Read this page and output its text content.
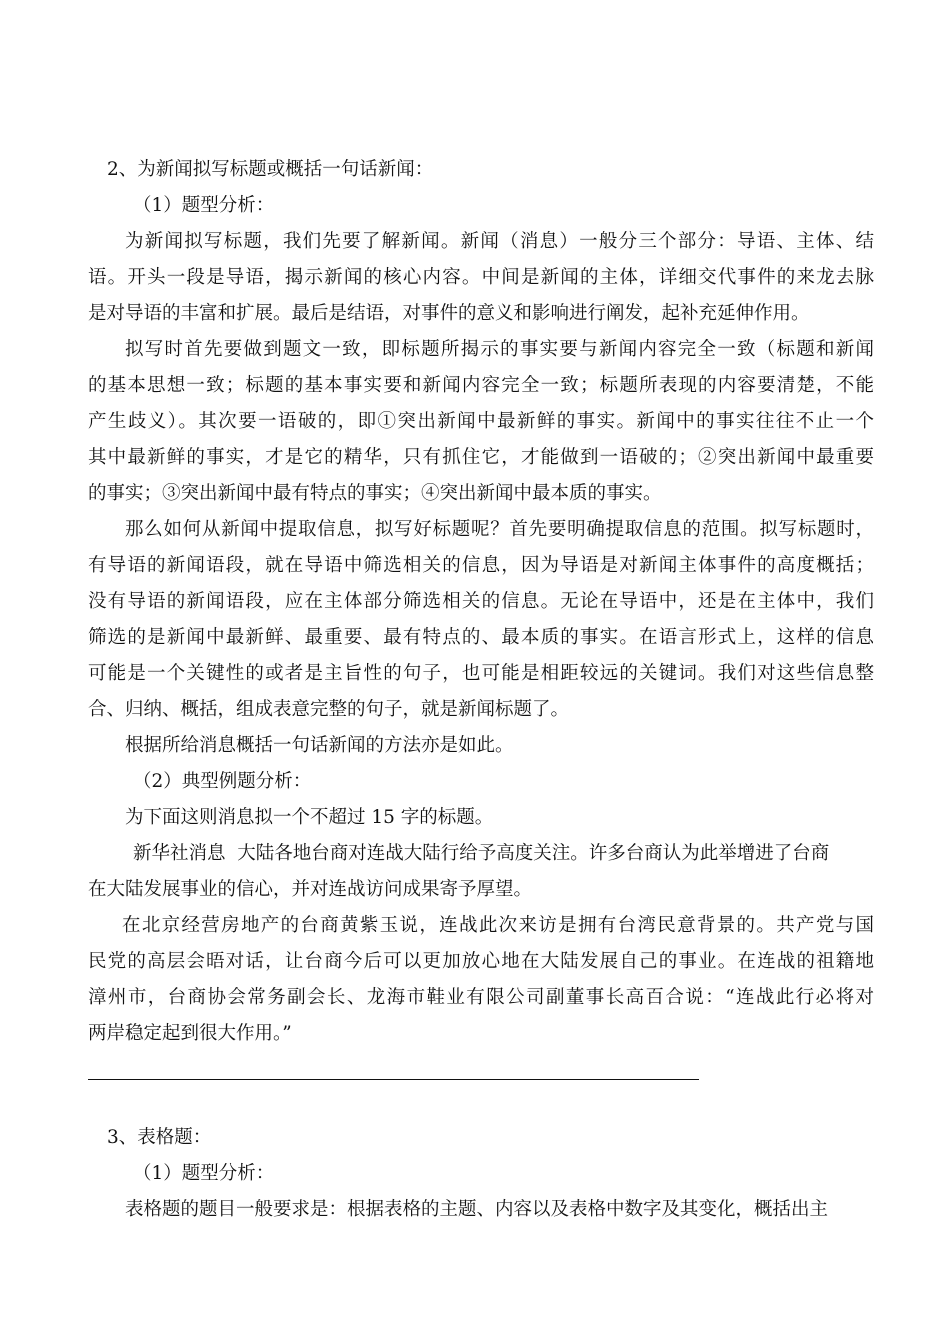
2、为新闻拟写标题或概括一句话新闻：
（1）题型分析：
为新闻拟写标题，我们先要了解新闻。新闻（消息）一般分三个部分：导语、主体、结
语。开头一段是导语，揭示新闻的核心内容。中间是新闻的主体，详细交代事件的来龙去脉
是对导语的丰富和扩展。最后是结语，对事件的意义和影响进行阐发，起补充延伸作用。
拟写时首先要做到题文一致，即标题所揭示的事实要与新闻内容完全一致（标题和新闻
的基本思想一致；标题的基本事实要和新闻内容完全一致；标题所表现的内容要清楚，不能
产生歧义）。其次要一语破的，即①突出新闻中最新鲜的事实。新闻中的事实往往不止一个
其中最新鲜的事实，才是它的精华，只有抓住它，才能做到一语破的；②突出新闻中最重要
的事实；③突出新闻中最有特点的事实；④突出新闻中最本质的事实。
那么如何从新闻中提取信息，拟写好标题呢？首先要明确提取信息的范围。拟写标题时，
有导语的新闻语段，就在导语中筛选相关的信息，因为导语是对新闻主体事件的高度概括；
没有导语的新闻语段，应在主体部分筛选相关的信息。无论在导语中，还是在主体中，我们
筛选的是新闻中最新鲜、最重要、最有特点的、最本质的事实。在语言形式上，这样的信息
可能是一个关键性的或者是主旨性的句子，也可能是相距较远的关键词。我们对这些信息整
合、归纳、概括，组成表意完整的句子，就是新闻标题了。
根据所给消息概括一句话新闻的方法亦是如此。
（2）典型例题分析：
为下面这则消息拟一个不超过 15 字的标题。
新华社消息  大陆各地台商对连战大陆行给予高度关注。许多台商认为此举增进了台商
在大陆发展事业的信心，并对连战访问成果寄予厚望。
在北京经营房地产的台商黄紫玉说，连战此次来访是拥有台湾民意背景的。共产党与国
民党的高层会晤对话，让台商今后可以更加放心地在大陆发展自己的事业。在连战的祖籍地
漳州市，台商协会常务副会长、龙海市鞋业有限公司副董事长高百合说：“连战此行必将对
两岸稳定起到很大作用。”
3、表格题：
（1）题型分析：
表格题的题目一般要求是：根据表格的主题、内容以及表格中数字及其变化，概括出主
